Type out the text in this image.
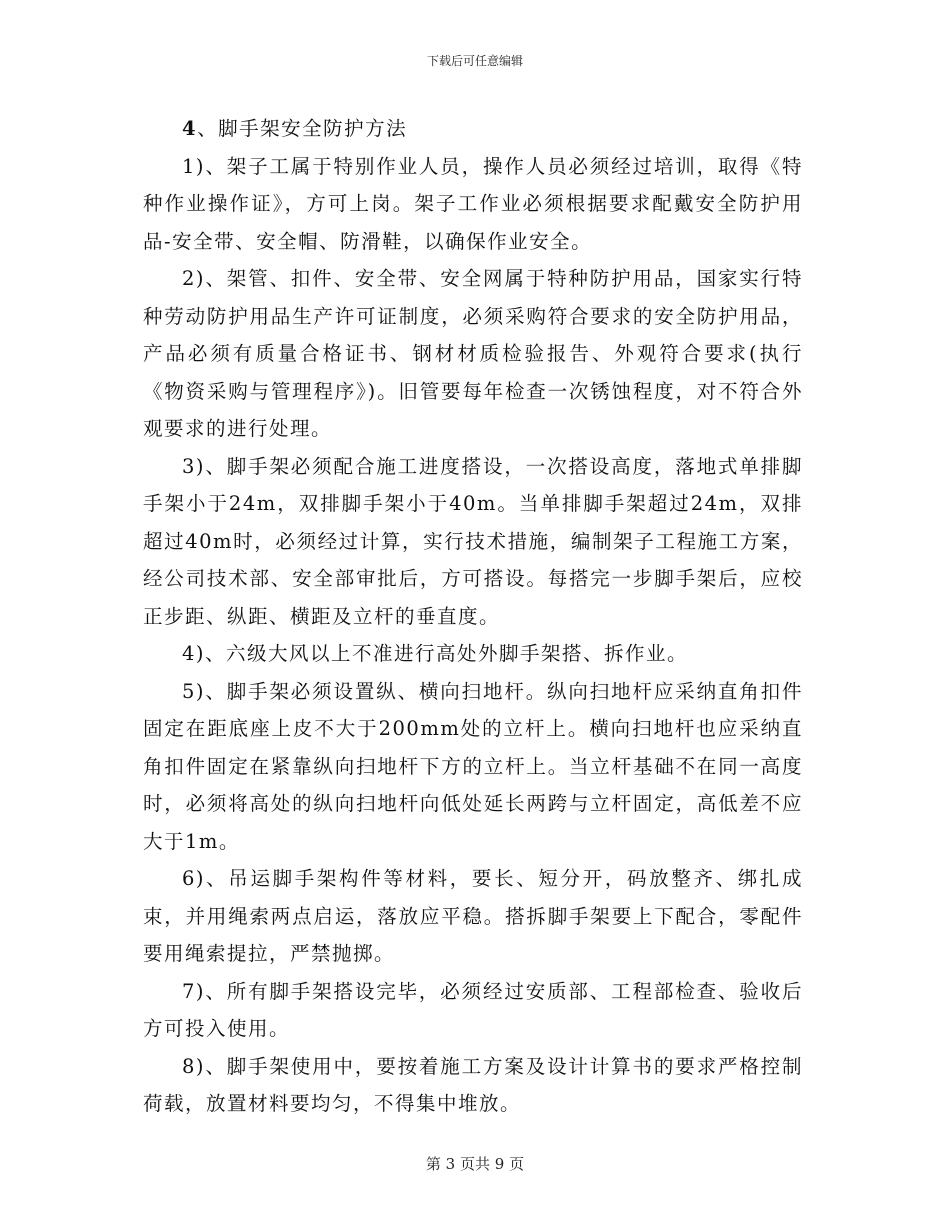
下载后可任意编辑

4、脚手架安全防护方法

1)、架子工属于特别作业人员，操作人员必须经过培训，取得《特种作业操作证》，方可上岗。架子工作业必须根据要求配戴安全防护用品-安全带、安全帽、防滑鞋，以确保作业安全。

2)、架管、扣件、安全带、安全网属于特种防护用品，国家实行特种劳动防护用品生产许可证制度，必须采购符合要求的安全防护用品，产品必须有质量合格证书、钢材材质检验报告、外观符合要求(执行《物资采购与管理程序》)。旧管要每年检查一次锈蚀程度，对不符合外观要求的进行处理。

3)、脚手架必须配合施工进度搭设，一次搭设高度，落地式单排脚手架小于24m，双排脚手架小于40m。当单排脚手架超过24m，双排超过40m时，必须经过计算，实行技术措施，编制架子工程施工方案，经公司技术部、安全部审批后，方可搭设。每搭完一步脚手架后，应校正步距、纵距、横距及立杆的垂直度。

4)、六级大风以上不准进行高处外脚手架搭、拆作业。

5)、脚手架必须设置纵、横向扫地杆。纵向扫地杆应采纳直角扣件固定在距底座上皮不大于200mm处的立杆上。横向扫地杆也应采纳直角扣件固定在紧靠纵向扫地杆下方的立杆上。当立杆基础不在同一高度时，必须将高处的纵向扫地杆向低处延长两跨与立杆固定，高低差不应大于1m。

6)、吊运脚手架构件等材料，要长、短分开，码放整齐、绑扎成束，并用绳索两点启运，落放应平稳。搭拆脚手架要上下配合，零配件要用绳索提拉，严禁抛掷。

7)、所有脚手架搭设完毕，必须经过安质部、工程部检查、验收后方可投入使用。

8)、脚手架使用中，要按着施工方案及设计计算书的要求严格控制荷载，放置材料要均匀，不得集中堆放。

第 3 页共 9 页
